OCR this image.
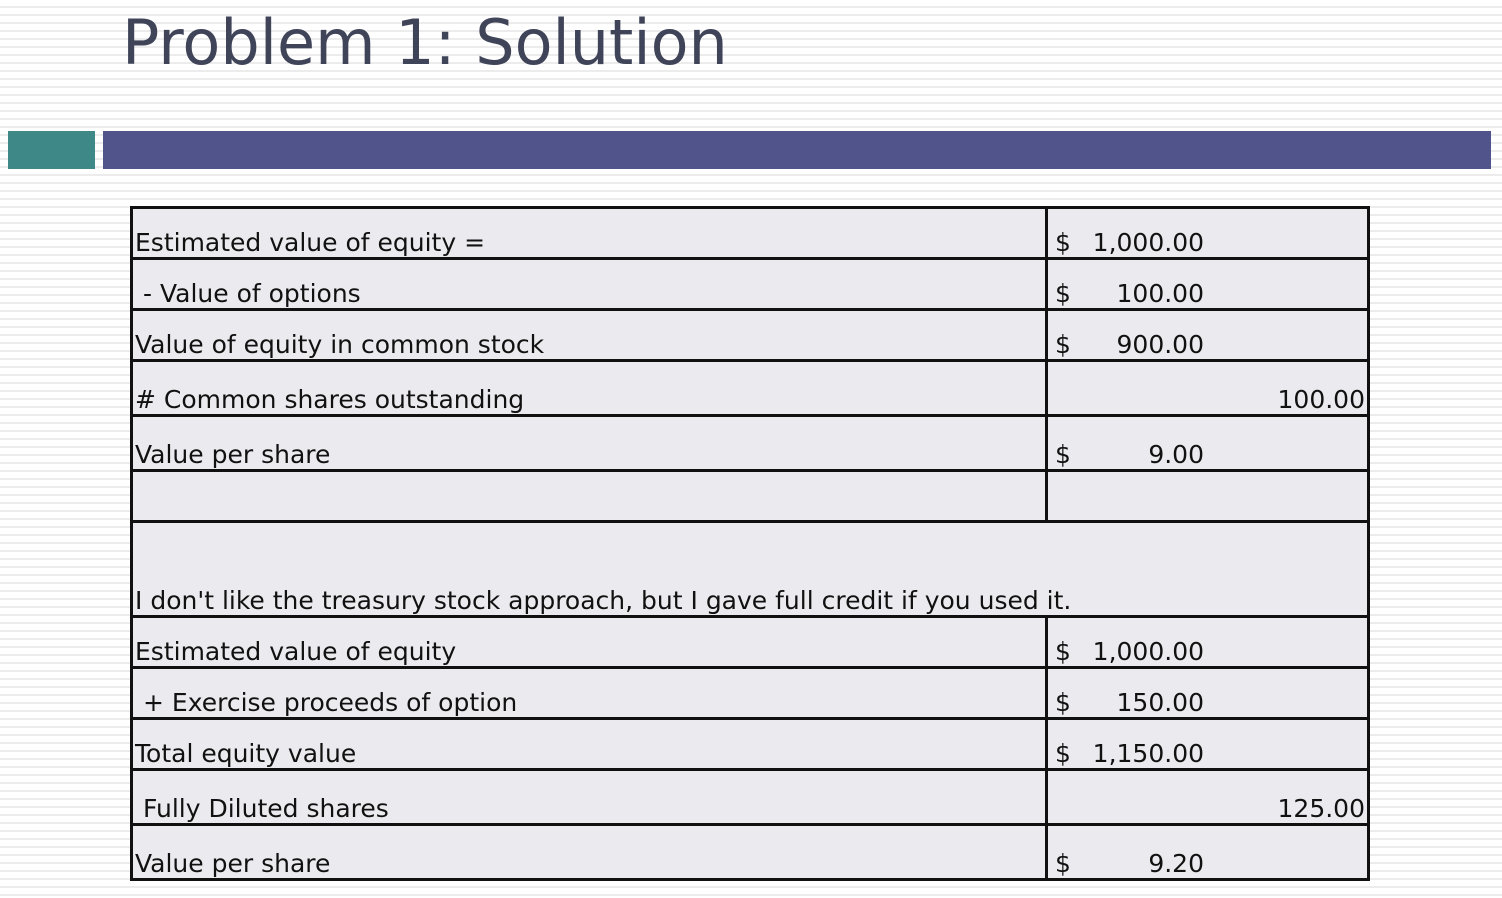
Problem 1: Solution
Estimated value of equity =	$ 1,000.00

- Value of options	$ 100.00

Value of equity in common stock	$ 900.00

# Common shares outstanding	100.00

Value per share	$ 9.00

I don't like the treasury stock approach, but I gave full credit if you used it.	
Estimated value of equity	$ 1,000.00

+ Exercise proceeds of option	$ 150.00

Total equity value	$ 1,150.00

Fully Diluted shares	125.00

Value per share	$ 9.20
